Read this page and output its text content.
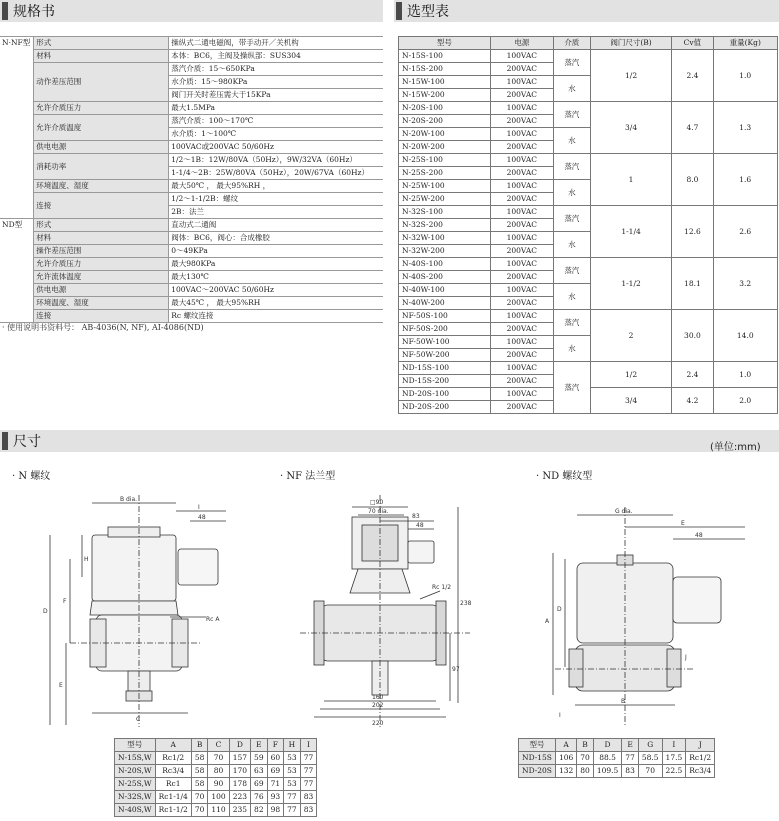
规格书	选型表
尺寸	(单位:mm)
N·NF型	形式	操纵式二通电磁阀，带手动开／关机构
	材料	本体：BC6，主阀及操纵部：SUS304
	动作差压范围	蒸汽介质：15～650KPa
		水介质：15～980KPa
		阀门开关时差压需大于15KPa
	允许介质压力	最大1.5MPa
	允许介质温度	蒸汽介质：100～170℃
		水介质：1～100℃
	供电电源	100VAC或200VAC 50/60Hz
	消耗功率	1/2～1B：12W/80VA（50Hz），9W/32VA（60Hz）
		1-1/4～2B：25W/80VA（50Hz），20W/67VA（60Hz）
	环境温度、湿度	最大50℃ ， 最大95%RH ，
	连接	1/2～1-1/2B：螺纹
		2B：法兰
ND型	形式	直动式二通阀
	材料	阀体：BC6，阀心：合成橡胶
	操作差压范围	0～49KPa
	允许介质压力	最大980KPa
	允许流体温度	最大130℃
	供电电源	100VAC～200VAC 50/60Hz
	环境温度、湿度	最大45℃ ， 最大95%RH
	连接	Rc 螺纹连接
· 使用说明书资料号： AB-4036(N, NF), AI-4086(ND)
型号	电源	介质	阀门尺寸(B)	Cv值	重量(Kg)
N-15S-100	100VAC	蒸汽	1/2	2.4	1.0
N-15S-200	200VAC				
N-15W-100	100VAC	水			
N-15W-200	200VAC				
N-20S-100	100VAC	蒸汽	3/4	4.7	1.3
N-20S-200	200VAC				
N-20W-100	100VAC	水			
N-20W-200	200VAC				
N-25S-100	100VAC	蒸汽	1	8.0	1.6
N-25S-200	200VAC				
N-25W-100	100VAC	水			
N-25W-200	200VAC				
N-32S-100	100VAC	蒸汽	1-1/4	12.6	2.6
N-32S-200	200VAC				
N-32W-100	100VAC	水			
N-32W-200	200VAC				
N-40S-100	100VAC	蒸汽	1-1/2	18.1	3.2
N-40S-200	200VAC				
N-40W-100	100VAC	水			
N-40W-200	200VAC				
NF-50S-100	100VAC	蒸汽	2	30.0	14.0
NF-50S-200	200VAC				
NF-50W-100	100VAC	水			
NF-50W-200	200VAC				
ND-15S-100	100VAC	蒸汽	1/2	2.4	1.0
ND-15S-200	200VAC				
ND-20S-100	100VAC		3/4	4.2	2.0
ND-20S-200	200VAC				
· N 螺纹	· NF 法兰型	· ND 螺纹型
B dia.
I
48
H
D
F
E
C
Rc A
□90
70 dia.
83
48
Rc 1/2
238
97
160
202
220
G dia.
E
48
D
A
J
B
I
型号	A	B	C	D	E	F	H	I
N-15S,W	Rc1/2	58	70	157	59	60	53	77
N-20S,W	Rc3/4	58	80	170	63	69	53	77
N-25S,W	Rc1	58	90	178	69	71	53	77
N-32S,W	Rc1-1/4	70	100	223	76	93	77	83
N-40S,W	Rc1-1/2	70	110	235	82	98	77	83
型号	A	B	D	E	G	I	J
ND-15S	106	70	88.5	77	58.5	17.5	Rc1/2
ND-20S	132	80	109.5	83	70	22.5	Rc3/4
